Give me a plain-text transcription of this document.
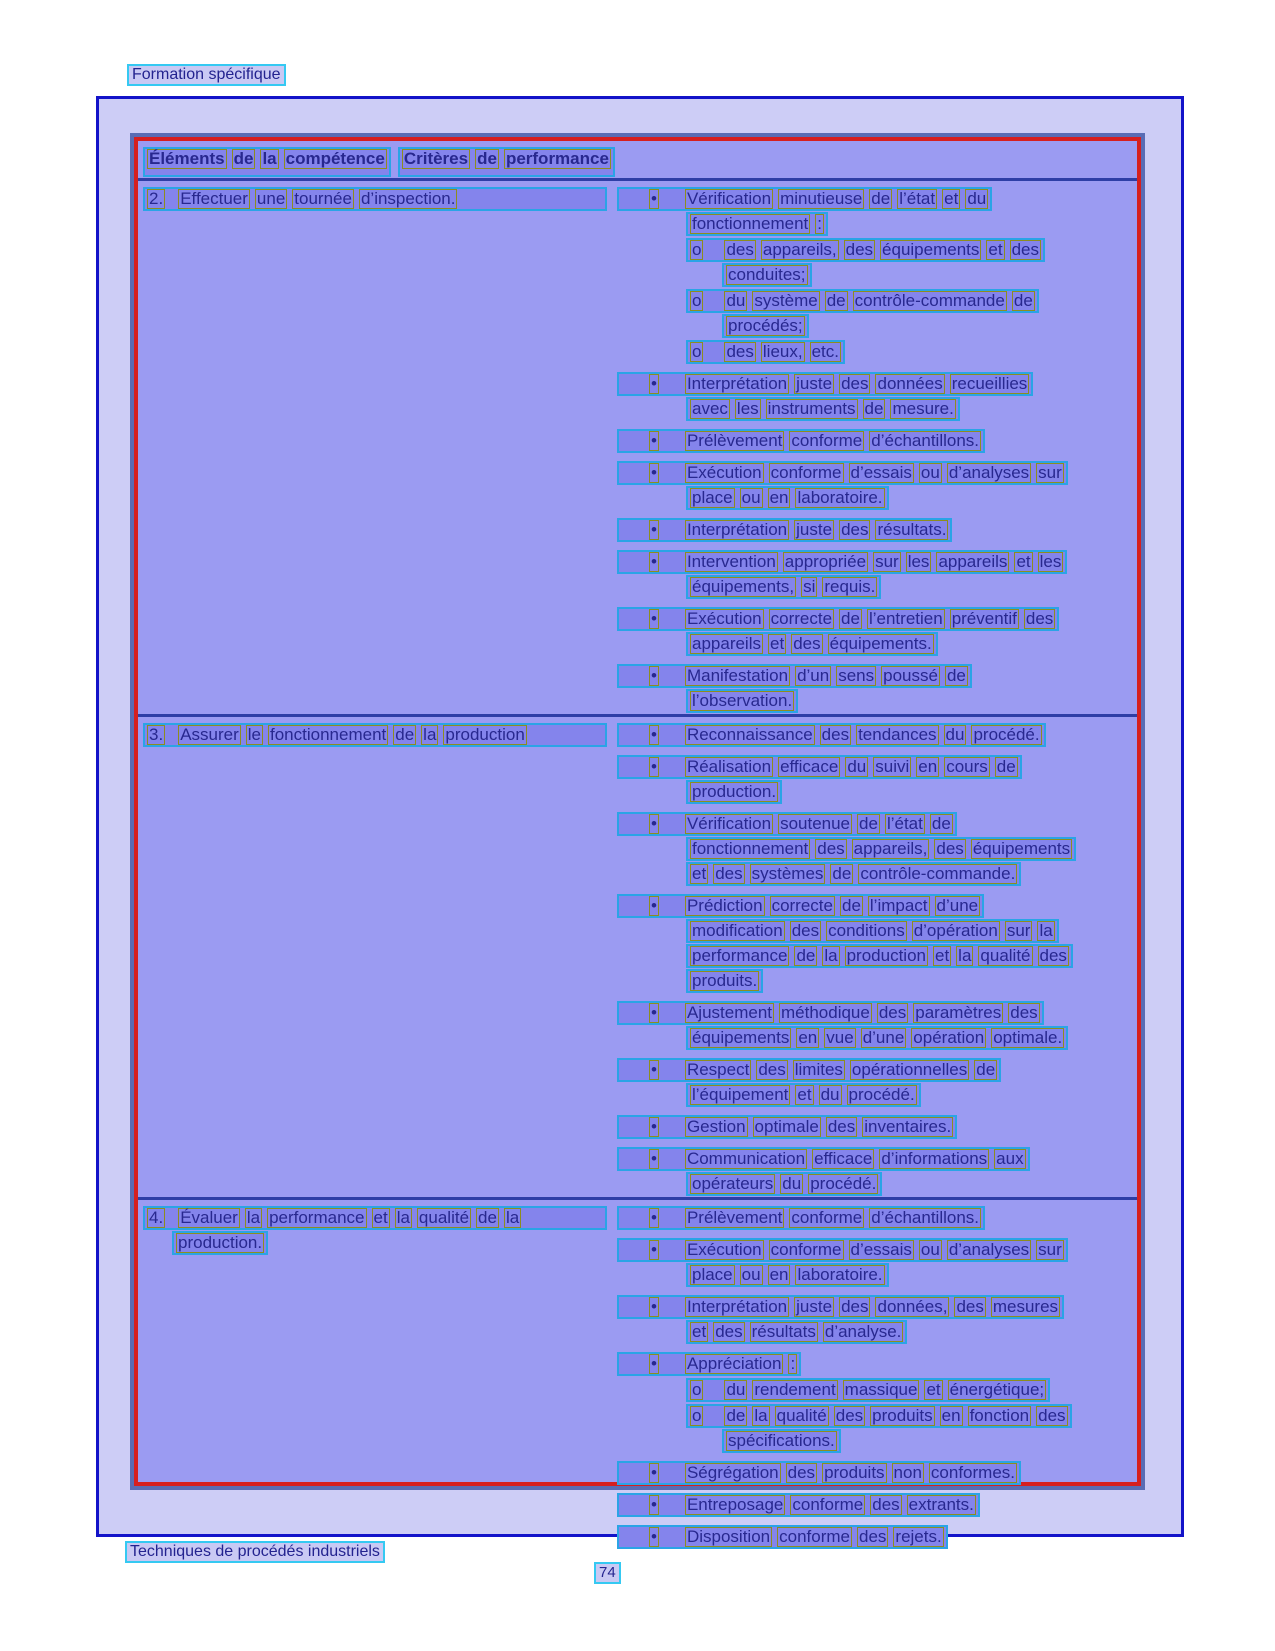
Formation spécifique
Éléments de la compétence	Critères de performance
2. Effectuer une tournée d’inspection.	• Vérification minutieuse de l’état et du
fonctionnement :
o des appareils, des équipements et des
conduites;
o du système de contrôle-commande de
procédés;
o des lieux, etc.
• Interprétation juste des données recueillies
avec les instruments de mesure.
• Prélèvement conforme d’échantillons.
• Exécution conforme d’essais ou d’analyses sur
place ou en laboratoire.
• Interprétation juste des résultats.
• Intervention appropriée sur les appareils et les
équipements, si requis.
• Exécution correcte de l’entretien préventif des
appareils et des équipements.
• Manifestation d’un sens poussé de
l’observation.
3. Assurer le fonctionnement de la production	• Reconnaissance des tendances du procédé.
• Réalisation efficace du suivi en cours de
production.
• Vérification soutenue de l’état de
fonctionnement des appareils, des équipements
et des systèmes de contrôle-commande.
• Prédiction correcte de l’impact d’une
modification des conditions d’opération sur la
performance de la production et la qualité des
produits.
• Ajustement méthodique des paramètres des
équipements en vue d’une opération optimale.
• Respect des limites opérationnelles de
l’équipement et du procédé.
• Gestion optimale des inventaires.
• Communication efficace d’informations aux
opérateurs du procédé.
4. Évaluer la performance et la qualité de la
production.
• Prélèvement conforme d’échantillons.
• Exécution conforme d’essais ou d’analyses sur
place ou en laboratoire.
• Interprétation juste des données, des mesures
et des résultats d’analyse.
• Appréciation :
o du rendement massique et énergétique;
o de la qualité des produits en fonction des
spécifications.
• Ségrégation des produits non conformes.
• Entreposage conforme des extrants.
• Disposition conforme des rejets.
Techniques de procédés industriels
74
